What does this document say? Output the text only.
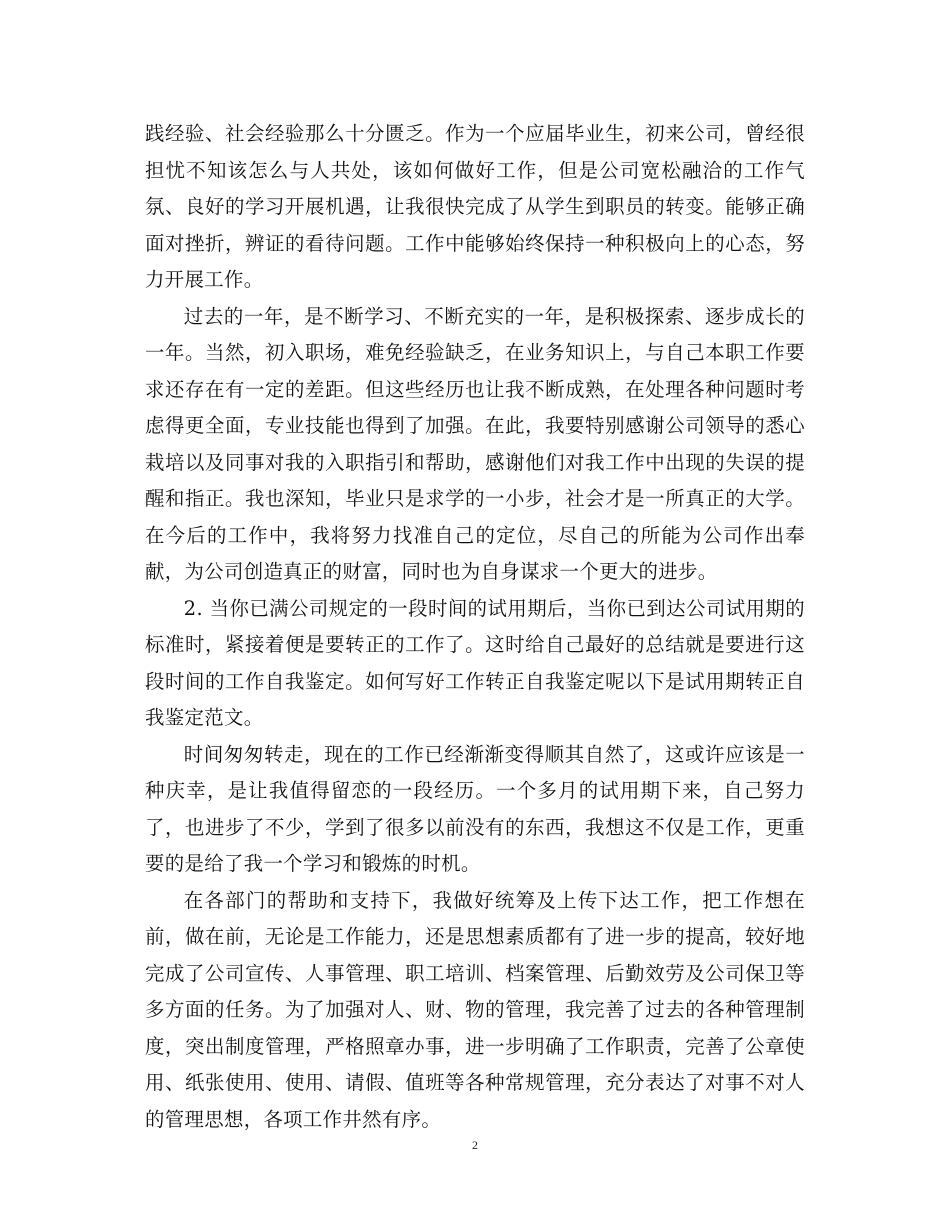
践经验、社会经验那么十分匮乏。作为一个应届毕业生，初来公司，曾经很担忧不知该怎么与人共处，该如何做好工作，但是公司宽松融洽的工作气氛、良好的学习开展机遇，让我很快完成了从学生到职员的转变。能够正确面对挫折，辨证的看待问题。工作中能够始终保持一种积极向上的心态，努力开展工作。

过去的一年，是不断学习、不断充实的一年，是积极探索、逐步成长的一年。当然，初入职场，难免经验缺乏，在业务知识上，与自己本职工作要求还存在有一定的差距。但这些经历也让我不断成熟，在处理各种问题时考虑得更全面，专业技能也得到了加强。在此，我要特别感谢公司领导的悉心栽培以及同事对我的入职指引和帮助，感谢他们对我工作中出现的失误的提醒和指正。我也深知，毕业只是求学的一小步，社会才是一所真正的大学。在今后的工作中，我将努力找准自己的定位，尽自己的所能为公司作出奉献，为公司创造真正的财富，同时也为自身谋求一个更大的进步。

2. 当你已满公司规定的一段时间的试用期后，当你已到达公司试用期的标准时，紧接着便是要转正的工作了。这时给自己最好的总结就是要进行这段时间的工作自我鉴定。如何写好工作转正自我鉴定呢以下是试用期转正自我鉴定范文。

时间匆匆转走，现在的工作已经渐渐变得顺其自然了，这或许应该是一种庆幸，是让我值得留恋的一段经历。一个多月的试用期下来，自己努力了，也进步了不少，学到了很多以前没有的东西，我想这不仅是工作，更重要的是给了我一个学习和锻炼的时机。

在各部门的帮助和支持下，我做好统筹及上传下达工作，把工作想在前，做在前，无论是工作能力，还是思想素质都有了进一步的提高，较好地完成了公司宣传、人事管理、职工培训、档案管理、后勤效劳及公司保卫等多方面的任务。为了加强对人、财、物的管理，我完善了过去的各种管理制度，突出制度管理，严格照章办事，进一步明确了工作职责，完善了公章使用、纸张使用、使用、请假、值班等各种常规管理，充分表达了对事不对人的管理思想，各项工作井然有序。

2
